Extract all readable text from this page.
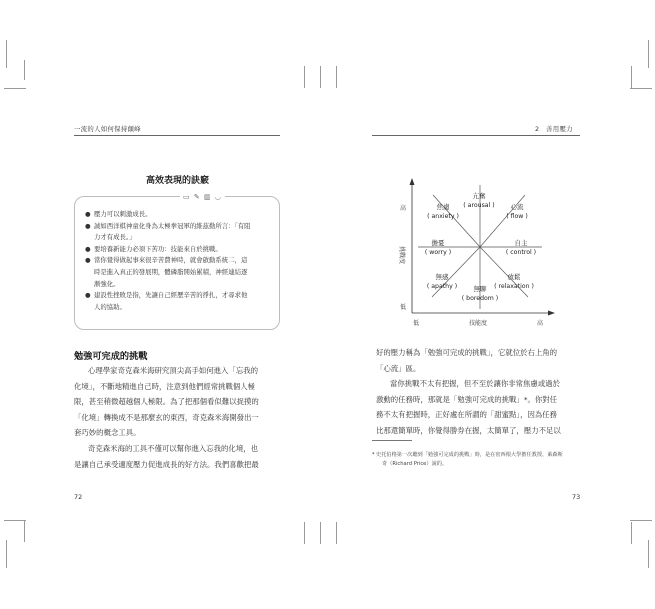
一流的人如何保持顛峰
高效表現的訣竅
● 壓力可以刺激成長。
● 誠如西洋棋神童化身為太極拳冠軍的維茲勤所言：「有阻
力才有成長。」
● 要培養新能力必須下苦功：技能來自於挑戰。
● 當你覺得做起事來很辛苦費神時，就會啟動系統二，這
時是進入真正的發展期，體磷脂開始累積，神經連結逐
漸強化。
● 建設性挫敗是指，先讓自己經歷辛苦的掙扎，才尋求他
人的協助。
▭ ✎ ▥ ◡
勉強可完成的挑戰
心理學家奇克森米海研究頂尖高手如何進入「忘我的
化境」，不斷地精進自己時，注意到他們經常挑戰個人極
限，甚至稍微超越個人極限。為了把那個看似難以捉摸的
「化境」轉換成不是那麼玄的東西，奇克森米海開發出一
套巧妙的概念工具。
奇克森米海的工具不僅可以幫你進入忘我的化境，也
是讓自己承受適度壓力促進成長的好方法。我們喜歡把最
72
2　善用壓力
高
低
低	高
技能度
挑戰度
亢奮
( arousal ) 心流
( flow )
自主
( control )
放鬆
( relaxation )
無聊
( boredom )
無感
( apathy )
擔憂
( worry )
焦慮
( anxiety )
好的壓力稱為「勉強可完成的挑戰」，它就位於右上角的
「心流」區。
當你挑戰不太有把握，但不至於讓你非常焦慮或過於
激動的任務時，那就是「勉強可完成的挑戰」*。你對任
務不太有把握時，正好處在所謂的「甜蜜點」，因為任務
比那還簡單時，你覺得勝券在握，太簡單了，壓力不足以
* 史托伯格第一次聽到「勉強可完成的挑戰」時，是在密西根大學擔任教授、萊森斯
奇（Richard Price）說的。
73
